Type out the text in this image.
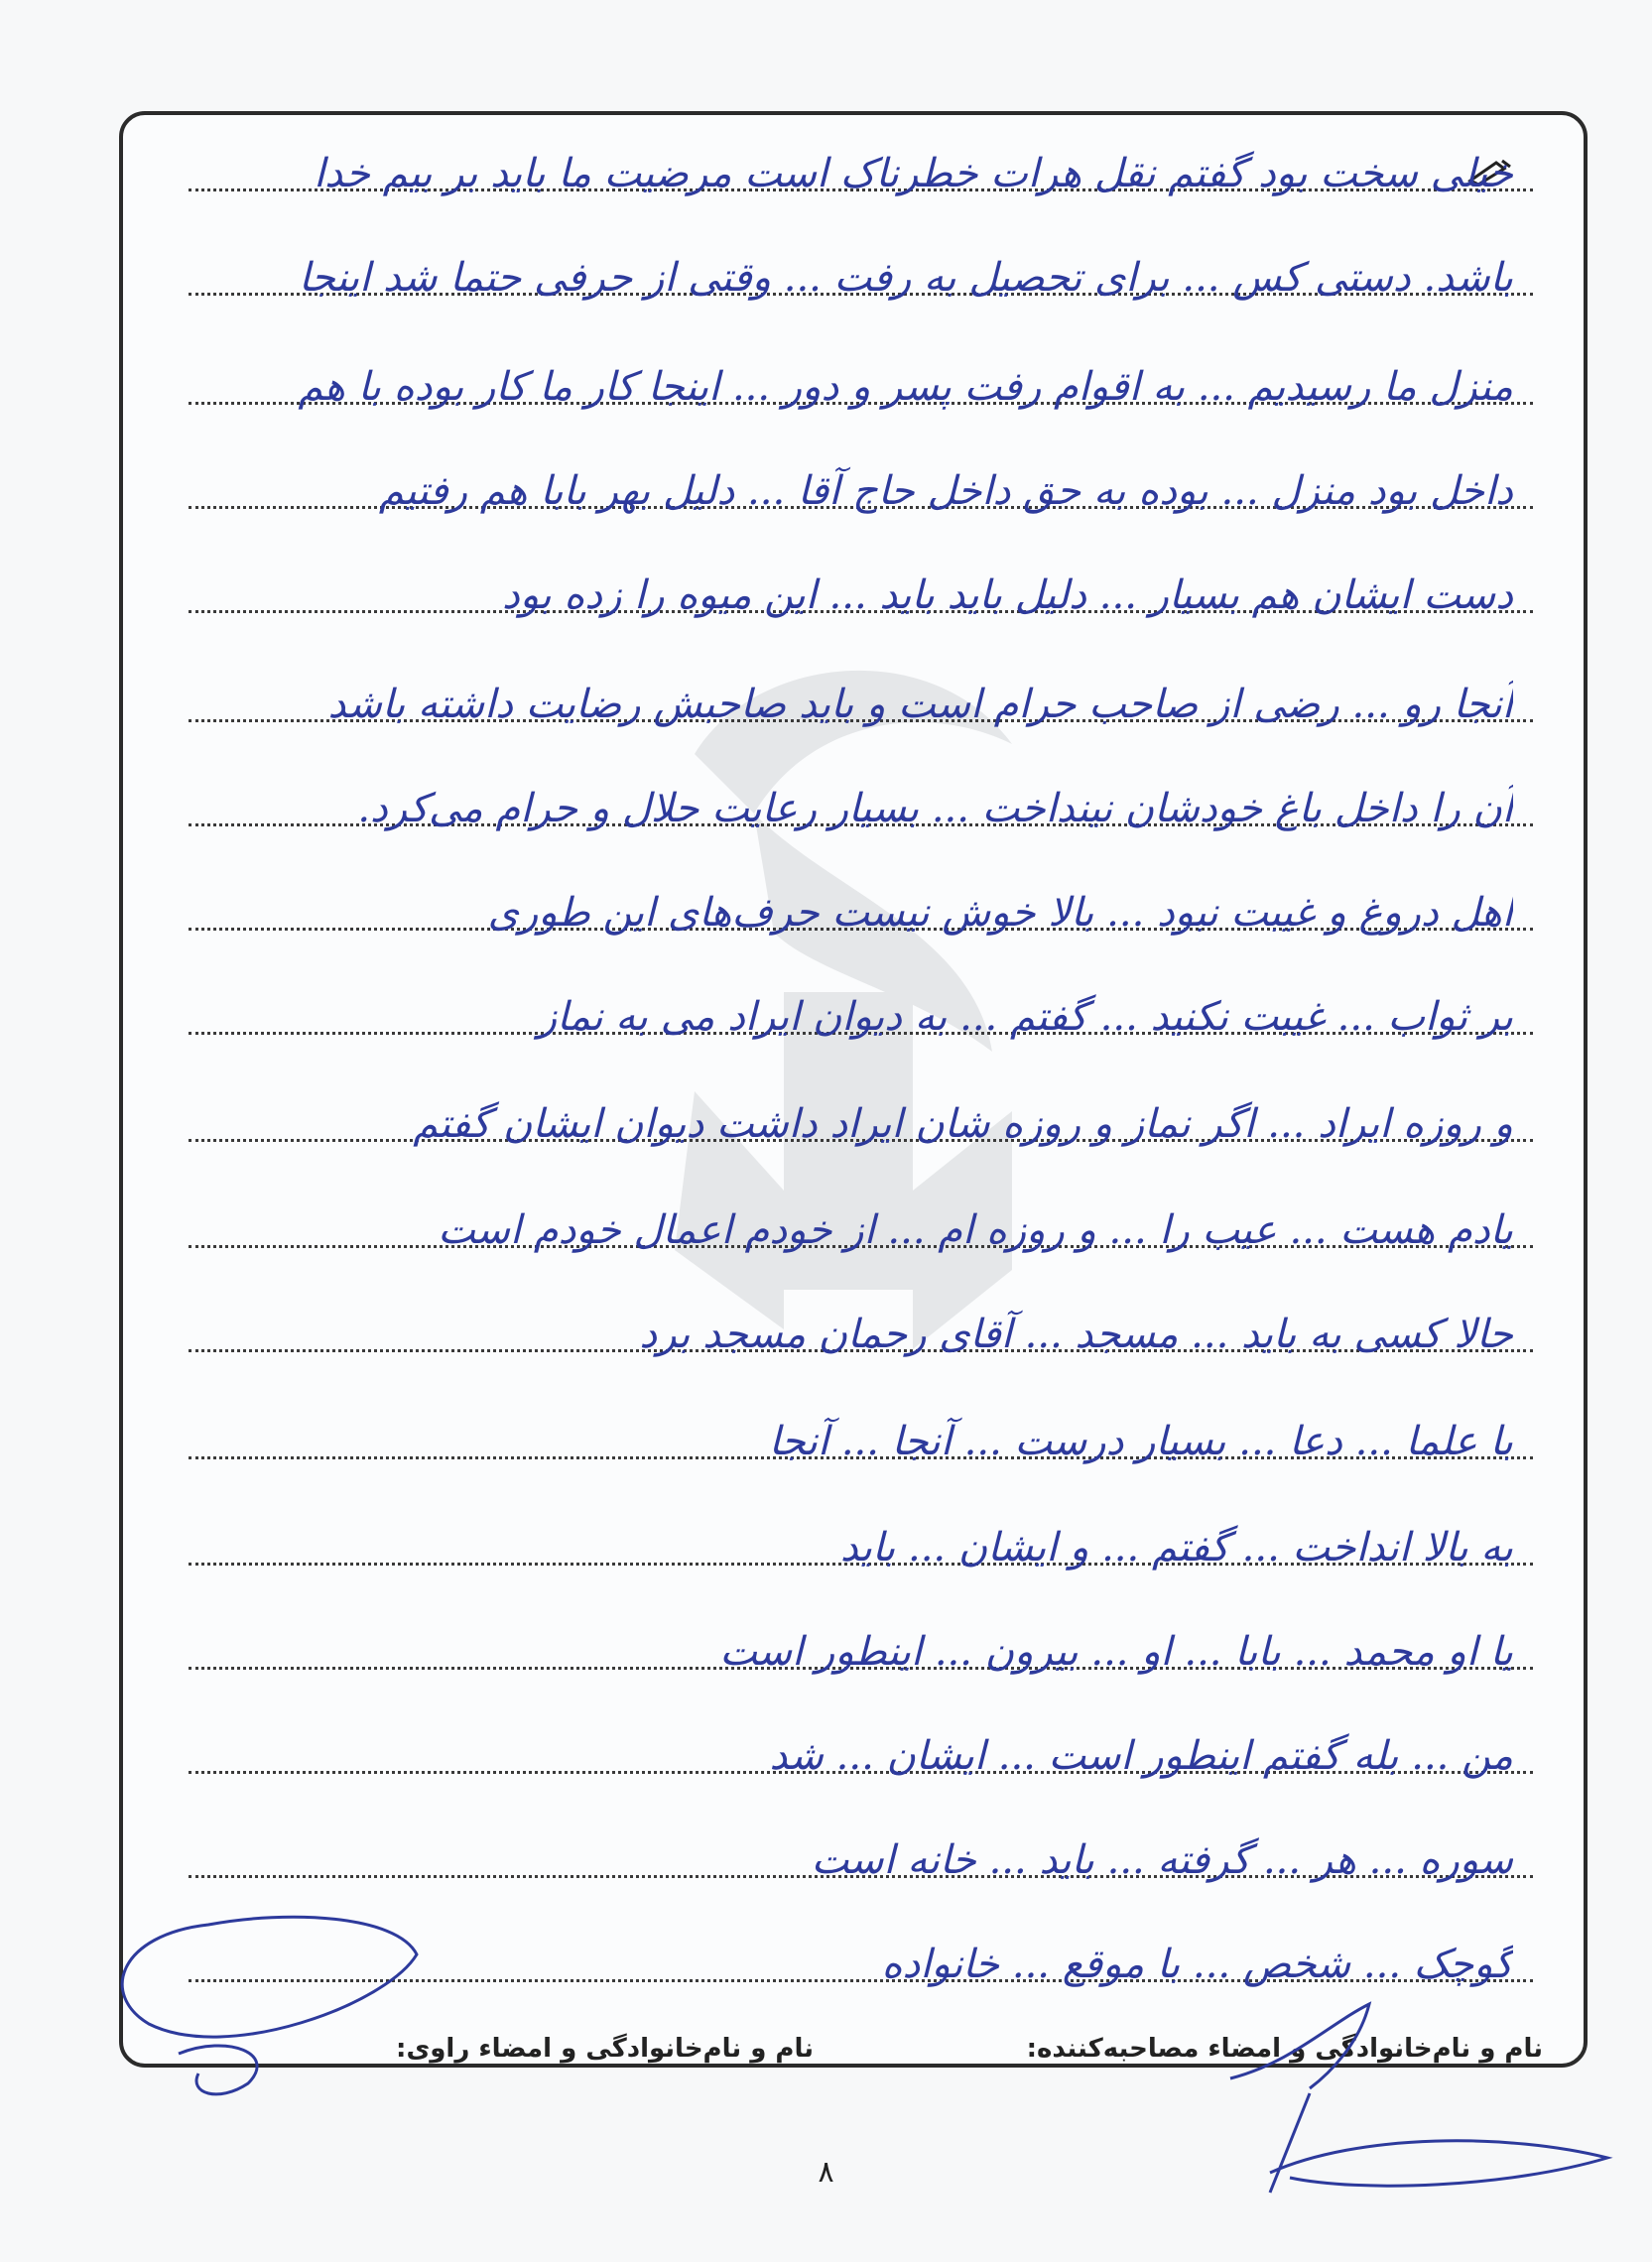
خیلی سخت بود گفتم نقل هرات خطرناک است مرضیت ما باید بر بیم خدا
باشد. دستی کس ... برای تحصیل به رفت ... وقتی از حرفی حتما شد اینجا
منزل ما رسیدیم ... به اقوام رفت پسر و دور ... اینجا کار ما کار بوده با هم
داخل بود منزل ... بوده به حق داخل حاج آقا ... دلیل بهر بابا هم رفتیم
دست ایشان هم بسیار ... دلیل باید باید ... این میوه را زده بود
آنجا رو ... رضی از صاحب حرام است و باید صاحبش رضایت داشته باشد
آن را داخل باغ خودشان نینداخت ... بسیار رعایت حلال و حرام می‌کرد.
اهل دروغ و غیبت نبود ... بالا خوش نیست حرف‌های این طوری
بر ثواب ... غیبت نکنید ... گفتم ... به دیوان ایراد می به نماز
و روزه ایراد ... اگر نماز و روزه شان ایراد داشت دیوان ایشان گفتم
یادم هست ... عیب را ... و روزه ام ... از خودم اعمال خودم است
حالا کسی به باید ... مسجد ... آقای رحمان مسجد برد
با علما ... دعا ... بسیار درست ... آنجا ... آنجا
به بالا انداخت ... گفتم ... و ایشان ... باید
یا او محمد ... بابا ... او ... بیرون ... اینطور است
من ... بله گفتم اینطور است ... ایشان ... شد
سوره ... هر ... گرفته ... باید ... خانه است
گوچک ... شخص ... با موقع ... خانواده
نام و نام‌خانوادگی و امضاء مصاحبه‌کننده:
نام و نام‌خانوادگی و امضاء راوی:
۸
